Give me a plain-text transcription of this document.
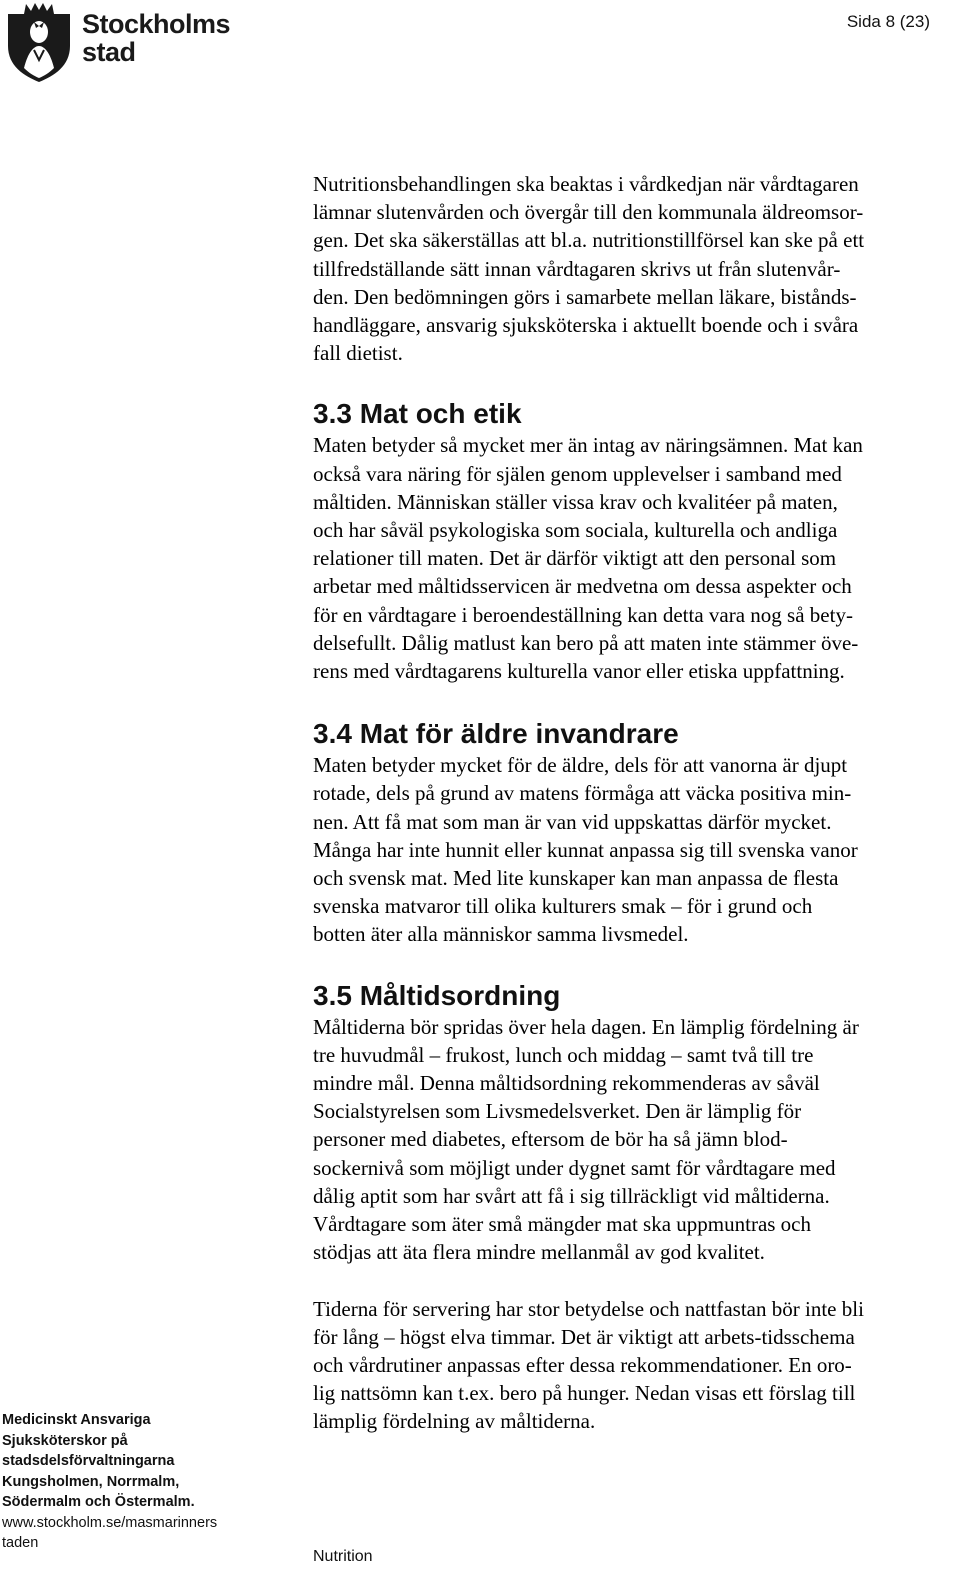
Stockholms
stad
Sida 8 (23)

Nutritionsbehandlingen ska beaktas i vårdkedjan när vårdtagaren

lämnar slutenvården och övergår till den kommunala äldreomsor-

gen. Det ska säkerställas att bl.a. nutritionstillförsel kan ske på ett

tillfredställande sätt innan vårdtagaren skrivs ut från slutenvår-

den. Den bedömningen görs i samarbete mellan läkare, bistånds-

handläggare, ansvarig sjuksköterska i aktuellt boende och i svåra

fall dietist.

3.3 Mat och etik

Maten betyder så mycket mer än intag av näringsämnen. Mat kan

också vara näring för själen genom upplevelser i samband med

måltiden. Människan ställer vissa krav och kvalitéer på maten,

och har såväl psykologiska som sociala, kulturella och andliga

relationer till maten. Det är därför viktigt att den personal som

arbetar med måltidsservicen är medvetna om dessa aspekter och

för en vårdtagare i beroendeställning kan detta vara nog så bety-

delsefullt. Dålig matlust kan bero på att maten inte stämmer öve-

rens med vårdtagarens kulturella vanor eller etiska uppfattning.

3.4 Mat för äldre invandrare

Maten betyder mycket för de äldre, dels för att vanorna är djupt

rotade, dels på grund av matens förmåga att väcka positiva min-

nen. Att få mat som man är van vid uppskattas därför mycket.

Många har inte hunnit eller kunnat anpassa sig till svenska vanor

och svensk mat. Med lite kunskaper kan man anpassa de flesta

svenska matvaror till olika kulturers smak – för i grund och

botten äter alla människor samma livsmedel.

3.5 Måltidsordning

Måltiderna bör spridas över hela dagen. En lämplig fördelning är

tre huvudmål – frukost, lunch och middag – samt två till tre

mindre mål. Denna måltidsordning rekommenderas av såväl

Socialstyrelsen som Livsmedelsverket. Den är lämplig för

personer med diabetes, eftersom de bör ha så jämn blod-

sockernivå som möjligt under dygnet samt för vårdtagare med

dålig aptit som har svårt att få i sig tillräckligt vid måltiderna.

Vårdtagare som äter små mängder mat ska uppmuntras och

stödjas att äta flera mindre mellanmål av god kvalitet.

Tiderna för servering har stor betydelse och nattfastan bör inte bli

för lång – högst elva timmar. Det är viktigt att arbets-tidsschema

och vårdrutiner anpassas efter dessa rekommendationer. En oro-

lig nattsömn kan t.ex. bero på hunger. Nedan visas ett förslag till

lämplig fördelning av måltiderna.

Medicinskt Ansvariga
Sjuksköterskor på
stadsdelsförvaltningarna
Kungsholmen, Norrmalm,
Södermalm och Östermalm.
www.stockholm.se/masmarinners
taden
Nutrition
